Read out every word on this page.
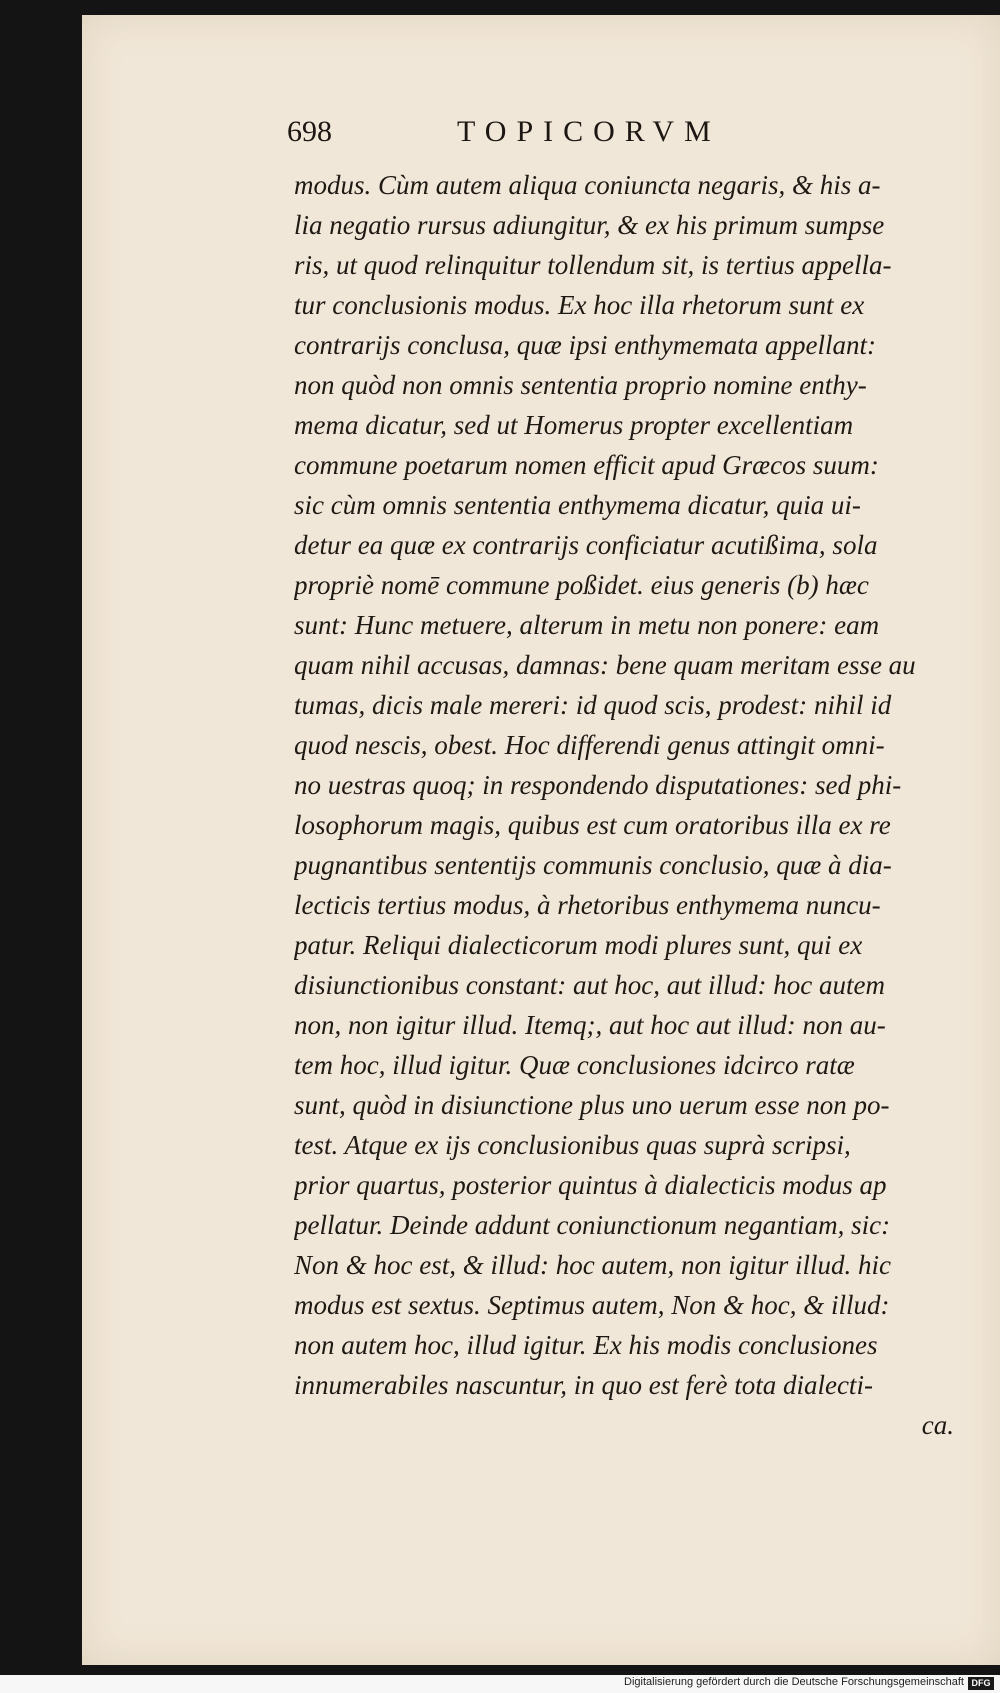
698	TOPICORVM
modus. Cùm autem aliqua coniuncta negaris, & his a-
lia negatio rursus adiungitur, & ex his primum sumpse
ris, ut quod relinquitur tollendum sit, is tertius appella-
tur conclusionis modus. Ex hoc illa rhetorum sunt ex
contrarijs conclusa, quæ ipsi enthymemata appellant:
non quòd non omnis sententia proprio nomine enthy-
mema dicatur, sed ut Homerus propter excellentiam
commune poetarum nomen efficit apud Græcos suum:
sic cùm omnis sententia enthymema dicatur, quia ui-
detur ea quæ ex contrarijs conficiatur acutißima, sola
propriè nomē commune poßidet. eius generis (b) hæc
sunt: Hunc metuere, alterum in metu non ponere: eam
quam nihil accusas, damnas: bene quam meritam esse au
tumas, dicis male mereri: id quod scis, prodest: nihil id
quod nescis, obest. Hoc differendi genus attingit omni-
no uestras quoq; in respondendo disputationes: sed phi-
losophorum magis, quibus est cum oratoribus illa ex re
pugnantibus sententijs communis conclusio, quæ à dia-
lecticis tertius modus, à rhetoribus enthymema nuncu-
patur. Reliqui dialecticorum modi plures sunt, qui ex
disiunctionibus constant: aut hoc, aut illud: hoc autem
non, non igitur illud. Itemq;, aut hoc aut illud: non au-
tem hoc, illud igitur. Quæ conclusiones idcirco ratæ
sunt, quòd in disiunctione plus uno uerum esse non po-
test. Atque ex ijs conclusionibus quas suprà scripsi,
prior quartus, posterior quintus à dialecticis modus ap
pellatur. Deinde addunt coniunctionum negantiam, sic:
Non & hoc est, & illud: hoc autem, non igitur illud. hic
modus est sextus. Septimus autem, Non & hoc, & illud:
non autem hoc, illud igitur. Ex his modis conclusiones
innumerabiles nascuntur, in quo est ferè tota dialecti-
ca.
Digitalisierung gefördert durch die Deutsche Forschungsgemeinschaft DFG
